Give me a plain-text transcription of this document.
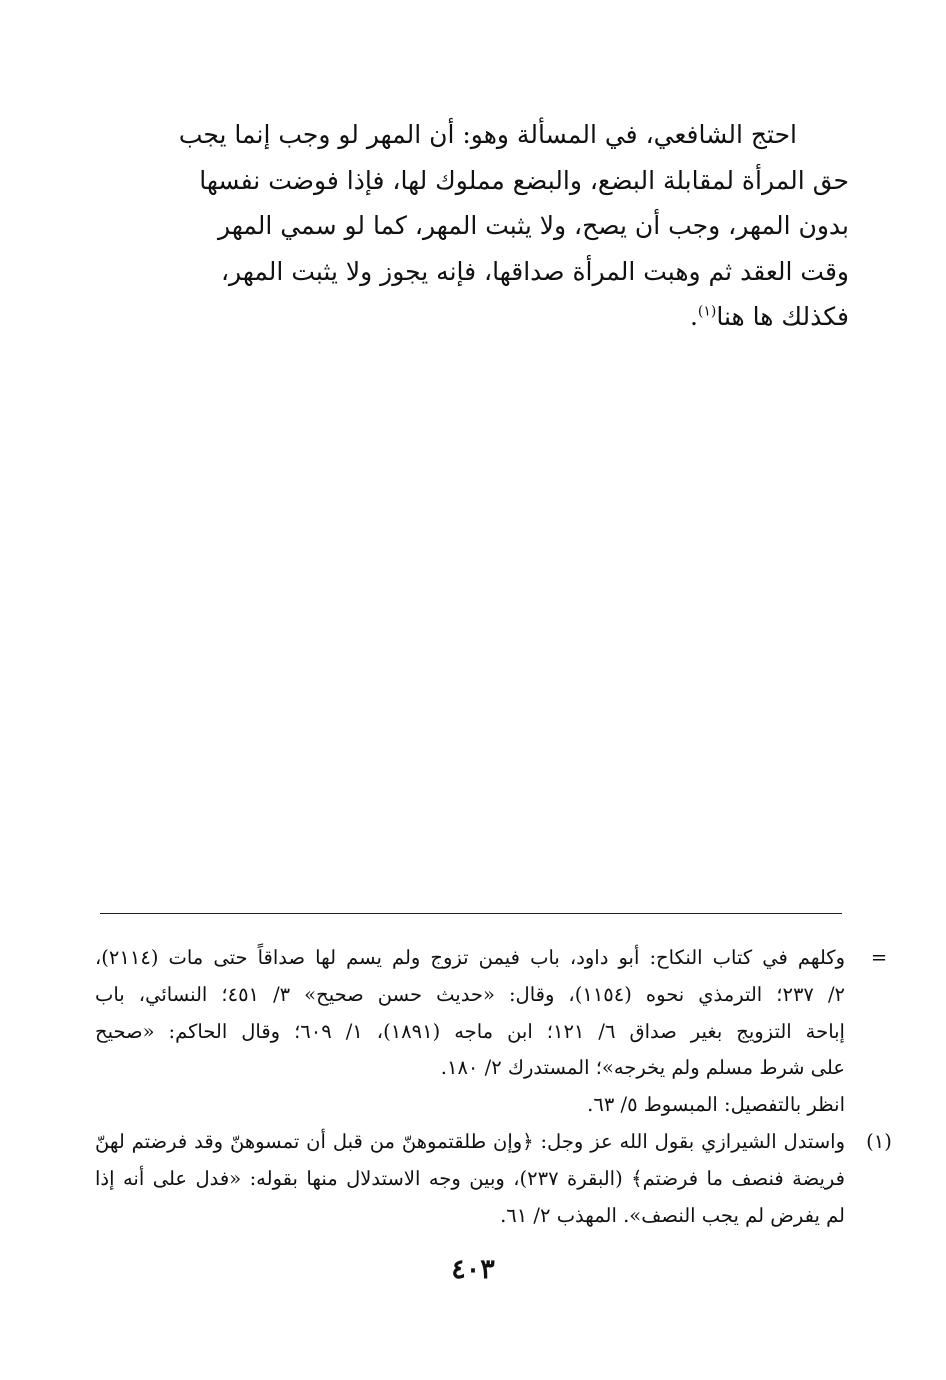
احتج الشافعي، في المسألة وهو: أن المهر لو وجب إنما يجب
حق المرأة لمقابلة البضع، والبضع مملوك لها، فإذا فوضت نفسها
بدون المهر، وجب أن يصح، ولا يثبت المهر، كما لو سمي المهر
وقت العقد ثم وهبت المرأة صداقها، فإنه يجوز ولا يثبت المهر،
فكذلك ها هنا$^{(١)}$.
=
وكلهم في كتاب النكاح: أبو داود، باب فيمن تزوج ولم يسم لها صداقاً حتى مات (٢١١٤)،
٢/ ٢٣٧؛ الترمذي نحوه (١١٥٤)، وقال: «حديث حسن صحيح» ٣/ ٤٥١؛ النسائي، باب
إباحة التزويج بغير صداق ٦/ ١٢١؛ ابن ماجه (١٨٩١)، ١/ ٦٠٩؛ وقال الحاكم: «صحيح
على شرط مسلم ولم يخرجه»؛ المستدرك ٢/ ١٨٠.
انظر بالتفصيل: المبسوط ٥/ ٦٣.
(١)
واستدل الشيرازي بقول الله عز وجل: ﴿وإن طلقتموهنّ من قبل أن تمسوهنّ وقد فرضتم لهنّ
فريضة فنصف ما فرضتم﴾ (البقرة ٢٣٧)، وبين وجه الاستدلال منها بقوله: «فدل على أنه إذا
لم يفرض لم يجب النصف». المهذب ٢/ ٦١.
٤٠٣
